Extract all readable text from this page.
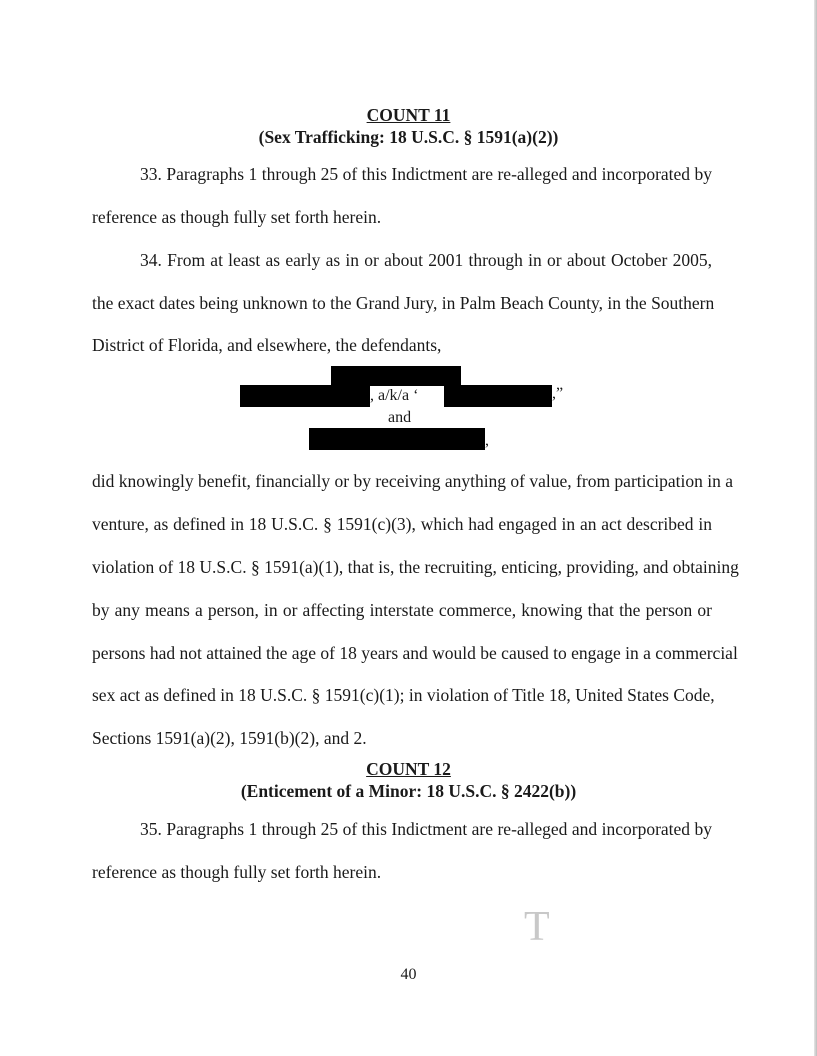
COUNT 11
(Sex Trafficking: 18 U.S.C. § 1591(a)(2))

33. Paragraphs 1 through 25 of this Indictment are re-alleged and incorporated by

reference as though fully set forth herein.

34. From at least as early as in or about 2001 through in or about October 2005,

the exact dates being unknown to the Grand Jury, in Palm Beach County, in the Southern

District of Florida, and elsewhere, the defendants,

, a/k/a ‘	,”
and
,

did knowingly benefit, financially or by receiving anything of value, from participation in a

venture, as defined in 18 U.S.C. § 1591(c)(3), which had engaged in an act described in

violation of 18 U.S.C. § 1591(a)(1), that is, the recruiting, enticing, providing, and obtaining

by any means a person, in or affecting interstate commerce, knowing that the person or

persons had not attained the age of 18 years and would be caused to engage in a commercial

sex act as defined in 18 U.S.C. § 1591(c)(1); in violation of Title 18, United States Code,

Sections 1591(a)(2), 1591(b)(2), and 2.

COUNT 12
(Enticement of a Minor: 18 U.S.C. § 2422(b))

35. Paragraphs 1 through 25 of this Indictment are re-alleged and incorporated by

reference as though fully set forth herein.

T
40
